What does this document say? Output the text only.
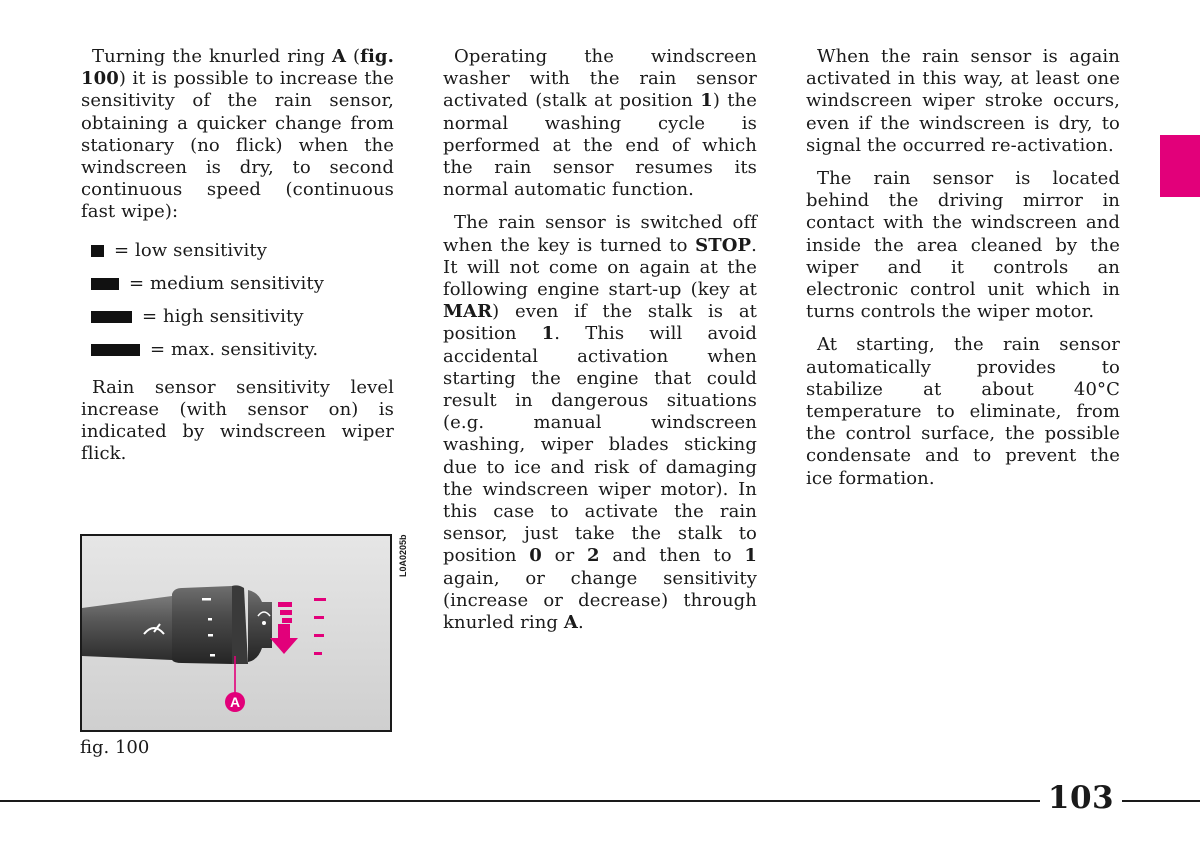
Turning the knurled ring A (fig. 100) it is possible to increase the sensitivity of the rain sensor, obtaining a quicker change from stationary (no flick) when the windscreen is dry, to second continuous speed (continuous fast wipe):

= low sensitivity
= medium sensitivity
= high sensitivity
= max. sensitivity.

Rain sensor sensitivity level increase (with sensor on) is indicated by windscreen wiper flick.

Operating the windscreen washer with the rain sensor activated (stalk at position 1) the normal washing cycle is performed at the end of which the rain sensor resumes its normal automatic function.

The rain sensor is switched off when the key is turned to STOP. It will not come on again at the following engine start-up (key at MAR) even if the stalk is at position 1. This will avoid accidental activation when starting the engine that could result in dangerous situations (e.g. manual windscreen washing, wiper blades sticking due to ice and risk of damaging the windscreen wiper motor). In this case to activate the rain sensor, just take the stalk to position 0 or 2 and then to 1 again, or change sensitivity (increase or decrease) through knurled ring A.

When the rain sensor is again activated in this way, at least one windscreen wiper stroke occurs, even if the windscreen is dry, to signal the occurred re-activation.

The rain sensor is located behind the driving mirror in contact with the windscreen and inside the area cleaned by the wiper and it controls an electronic control unit which in turns controls the wiper motor.

At starting, the rain sensor automatically provides to stabilize at about 40°C temperature to eliminate, from the control surface, the possible condensate and to prevent the ice formation.

A
L0A0205b
fig. 100
103
